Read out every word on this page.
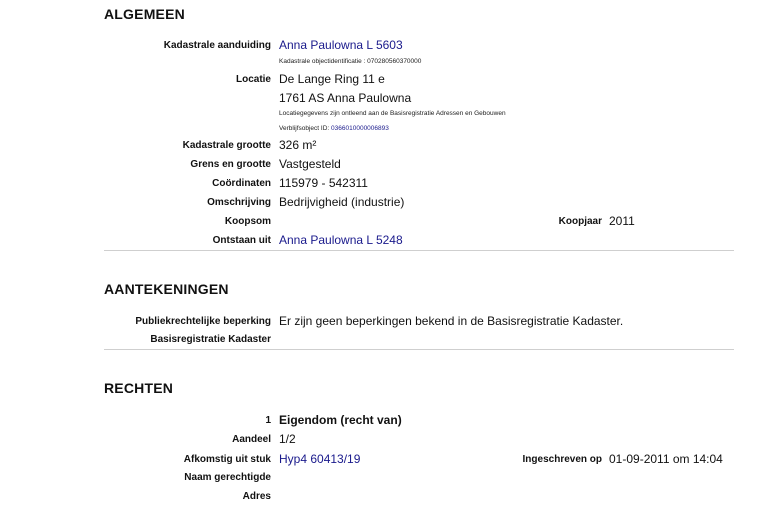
ALGEMEEN
Kadastrale aanduiding Anna Paulowna L 5603
Kadastrale objectidentificatie : 070280560370000
Locatie De Lange Ring 11 e
1761 AS Anna Paulowna
Locatiegegevens zijn ontleend aan de Basisregistratie Adressen en Gebouwen
Verblijfsobject ID: 0366010000006893
Kadastrale grootte 326 m²
Grens en grootte Vastgesteld
Coördinaten 115979 - 542311
Omschrijving Bedrijvigheid (industrie)
Koopsom	Koopjaar 2011
Ontstaan uit Anna Paulowna L 5248
AANTEKENINGEN
Publiekrechtelijke beperking Er zijn geen beperkingen bekend in de Basisregistratie Kadaster.
Basisregistratie Kadaster
RECHTEN
1 Eigendom (recht van)
Aandeel 1/2
Afkomstig uit stuk Hyp4 60413/19	Ingeschreven op 01-09-2011 om 14:04
Naam gerechtigde
Adres
